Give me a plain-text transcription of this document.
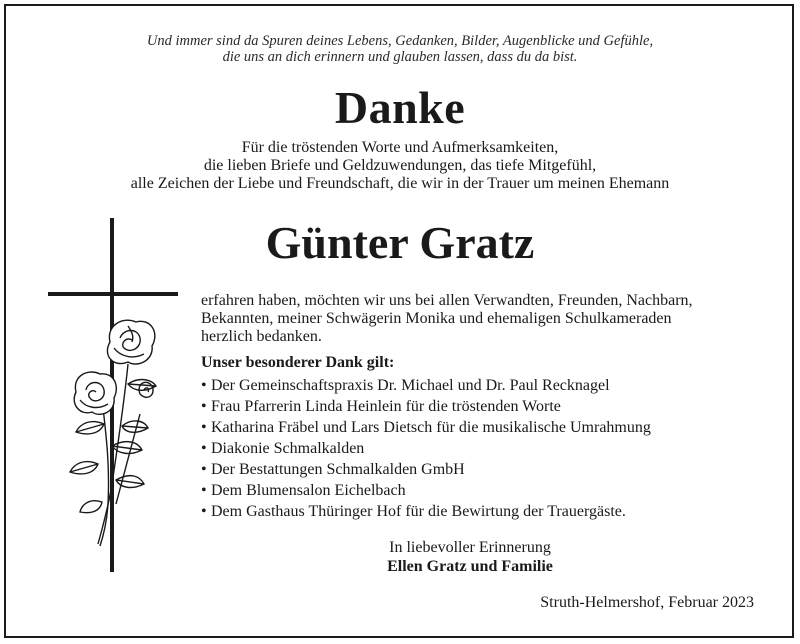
Und immer sind da Spuren deines Lebens, Gedanken, Bilder, Augenblicke und Gefühle,
die uns an dich erinnern und glauben lassen, dass du da bist.
Danke
Für die tröstenden Worte und Aufmerksamkeiten,
die lieben Briefe und Geldzuwendungen, das tiefe Mitgefühl,
alle Zeichen der Liebe und Freundschaft, die wir in der Trauer um meinen Ehemann
Günter Gratz
erfahren haben, möchten wir uns bei allen Verwandten, Freunden, Nachbarn,
Bekannten, meiner Schwägerin Monika und ehemaligen Schulkameraden
herzlich bedanken.
Unser besonderer Dank gilt:
• Der Gemeinschaftspraxis Dr. Michael und Dr. Paul Recknagel
• Frau Pfarrerin Linda Heinlein für die tröstenden Worte
• Katharina Fräbel und Lars Dietsch für die musikalische Umrahmung
• Diakonie Schmalkalden
• Der Bestattungen Schmalkalden GmbH
• Dem Blumensalon Eichelbach
• Dem Gasthaus Thüringer Hof für die Bewirtung der Trauergäste.
In liebevoller Erinnerung
Ellen Gratz und Familie
Struth-Helmershof, Februar 2023
